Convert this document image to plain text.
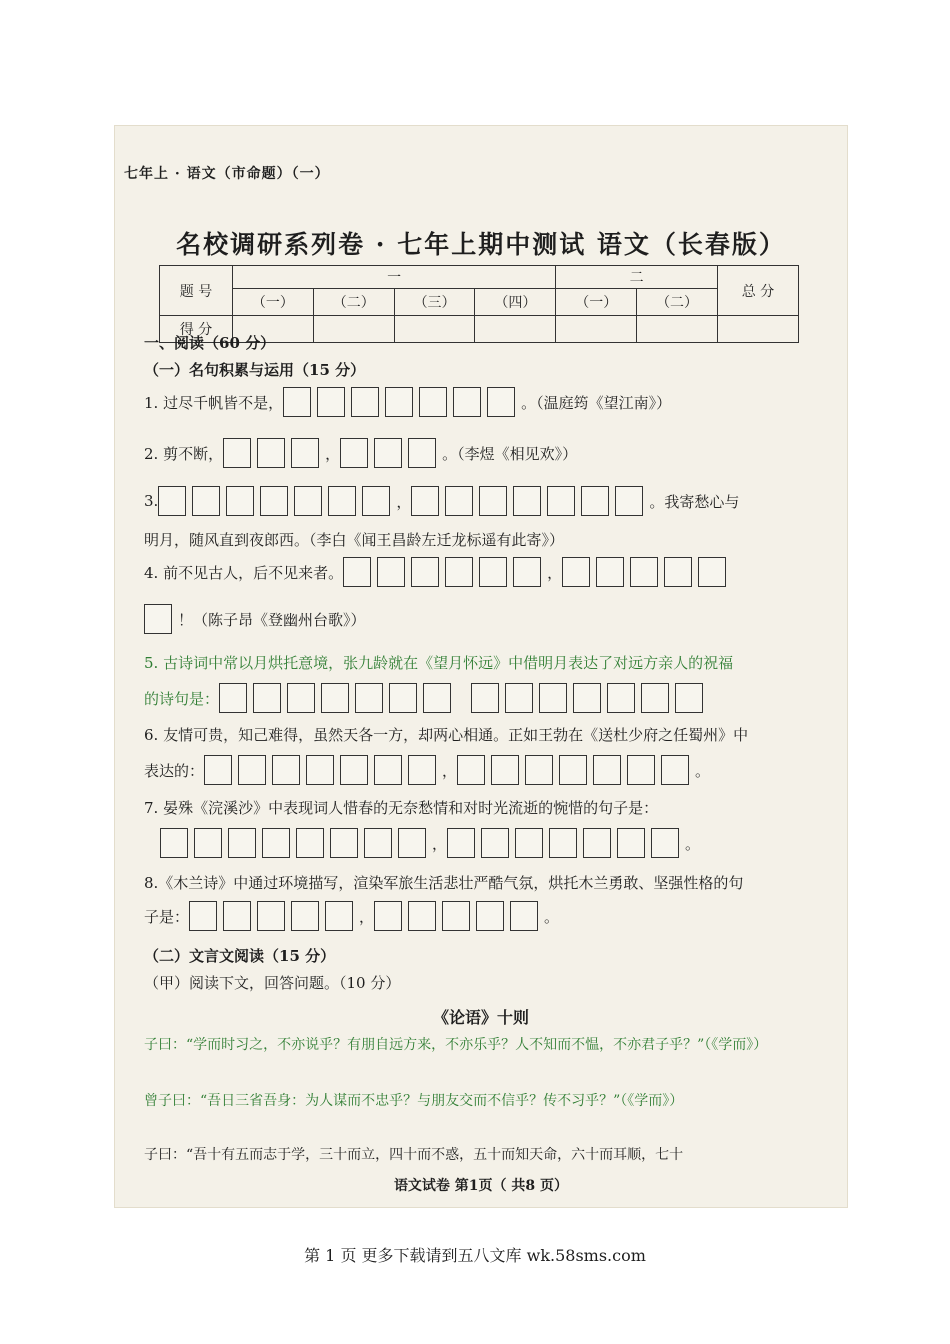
七年上 · 语文（市命题）（一）
名校调研系列卷 · 七年上期中测试 语文（长春版）
题 号	一				二		总 分
	（一）	（二）	（三）	（四）	（一）	（二）	
得 分							
一、阅读（60 分）
（一）名句积累与运用（15 分）
1. 过尽千帆皆不是，	。（温庭筠《望江南》）
2. 剪不断，	，	。（李煜《相见欢》）
3.	，	。我寄愁心与
明月，随风直到夜郎西。（李白《闻王昌龄左迁龙标遥有此寄》）
4. 前不见古人，后不见来者。	，
！（陈子昂《登幽州台歌》）
5. 古诗词中常以月烘托意境，张九龄就在《望月怀远》中借明月表达了对远方亲人的祝福
的诗句是：
6. 友情可贵，知己难得，虽然天各一方，却两心相通。正如王勃在《送杜少府之任蜀州》中
表达的：	，	。
7. 晏殊《浣溪沙》中表现词人惜春的无奈愁情和对时光流逝的惋惜的句子是：
，	。
8.《木兰诗》中通过环境描写，渲染军旅生活悲壮严酷气氛，烘托木兰勇敢、坚强性格的句
子是：	，	。
（二）文言文阅读（15 分）
（甲）阅读下文，回答问题。（10 分）
《论语》十则
子曰：“学而时习之，不亦说乎？有朋自远方来，不亦乐乎？人不知而不愠，不亦君子乎？”（《学而》）
曾子曰：“吾日三省吾身：为人谋而不忠乎？与朋友交而不信乎？传不习乎？”（《学而》）
子曰：“吾十有五而志于学，三十而立，四十而不惑，五十而知天命，六十而耳顺，七十
语文试卷 第1页（ 共8 页）
第 1 页 更多下载请到五八文库 wk.58sms.com
